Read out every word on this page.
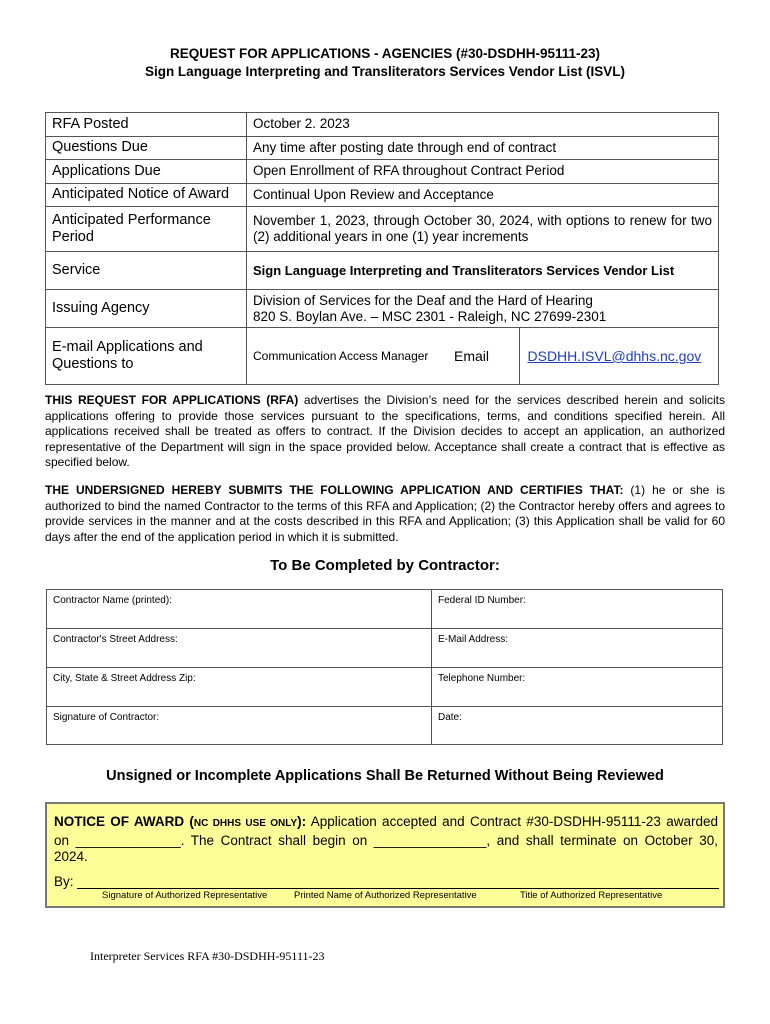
REQUEST FOR APPLICATIONS - AGENCIES (#30-DSDHH-95111-23)
Sign Language Interpreting and Transliterators Services Vendor List (ISVL)
RFA Posted	October 2. 2023
Questions Due	Any time after posting date through end of contract
Applications Due	Open Enrollment of RFA throughout Contract Period
Anticipated Notice of Award	Continual Upon Review and Acceptance
Anticipated Performance Period	November 1, 2023, through October 30, 2024, with options to renew for two (2) additional years in one (1) year increments
Service	Sign Language Interpreting and Transliterators Services Vendor List
Issuing Agency	Division of Services for the Deaf and the Hard of Hearing
820 S. Boylan Ave. – MSC 2301 - Raleigh, NC 27699-2301

E-mail Applications and Questions to		Communication Access Manager	Email	DSDHH.ISVL@dhhs.nc.gov
THIS REQUEST FOR APPLICATIONS (RFA) advertises the Division’s need for the services described herein and solicits applications offering to provide those services pursuant to the specifications, terms, and conditions specified herein. All applications received shall be treated as offers to contract. If the Division decides to accept an application, an authorized representative of the Department will sign in the space provided below. Acceptance shall create a contract that is effective as specified below.
THE UNDERSIGNED HEREBY SUBMITS THE FOLLOWING APPLICATION AND CERTIFIES THAT: (1) he or she is authorized to bind the named Contractor to the terms of this RFA and Application; (2) the Contractor hereby offers and agrees to provide services in the manner and at the costs described in this RFA and Application; (3) this Application shall be valid for 60 days after the end of the application period in which it is submitted.
To Be Completed by Contractor:
Contractor Name (printed):	Federal ID Number:
Contractor's Street Address:	E-Mail Address:
City, State & Street Address Zip:	Telephone Number:
Signature of Contractor:	Date:
Unsigned or Incomplete Applications Shall Be Returned Without Being Reviewed
NOTICE OF AWARD (NC DHHS USE ONLY): Application accepted and Contract #30-DSDHH-95111-23 awarded on ______________. The Contract shall begin on _______________, and shall terminate on October 30, 2024.
By:
Signature of Authorized Representative	Printed Name of Authorized Representative	Title of Authorized Representative
Interpreter Services RFA #30-DSDHH-95111-23
